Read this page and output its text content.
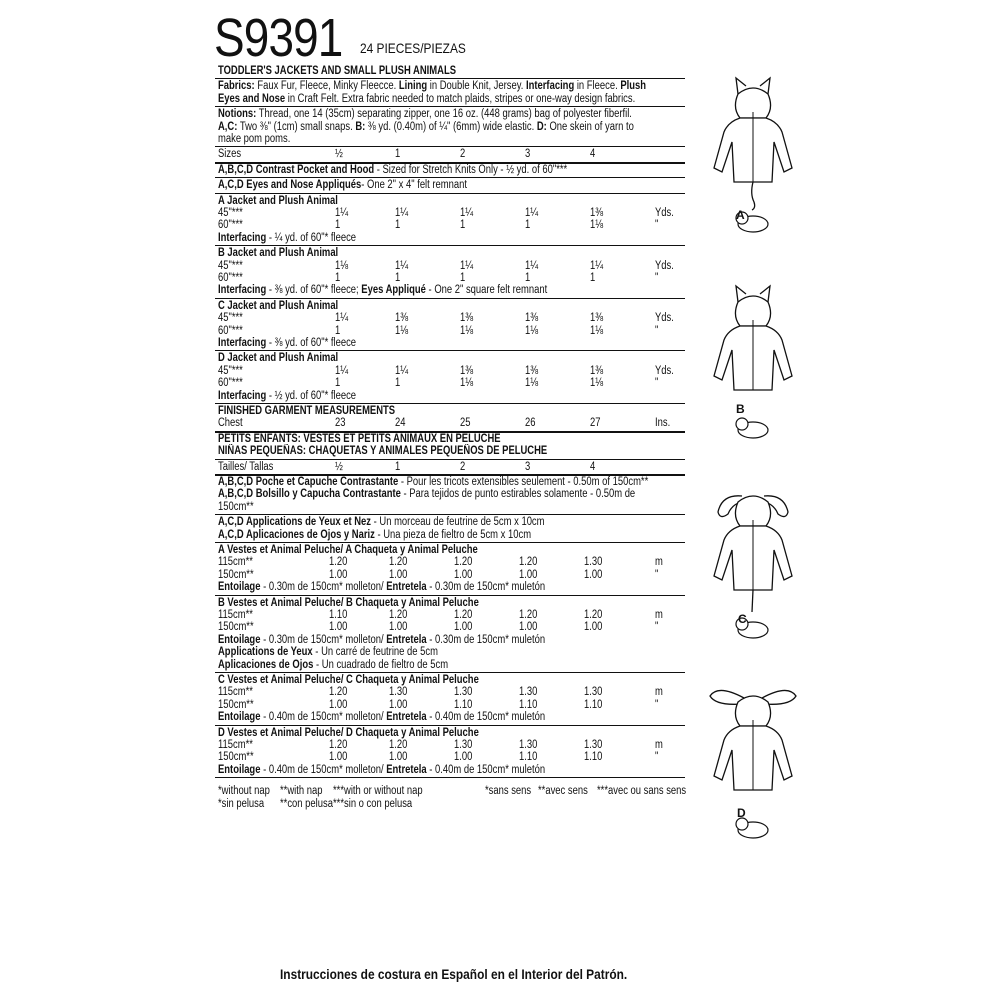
S9391 24 PIECES/PIEZAS
TODDLER'S JACKETS AND SMALL PLUSH ANIMALS
Fabrics: Faux Fur, Fleece, Minky Fleecce. Lining in Double Knit, Jersey. Interfacing in Fleece. Plush
Eyes and Nose in Craft Felt. Extra fabric needed to match plaids, stripes or one-way design fabrics.
Notions: Thread, one 14 (35cm) separating zipper, one 16 oz. (448 grams) bag of polyester fiberfil.
A,C: Two ⅜" (1cm) small snaps. B: ⅜ yd. (0.40m) of ¼" (6mm) wide elastic. D: One skein of yarn to
make pom poms.
Sizes	½	1	2	3	4
A,B,C,D Contrast Pocket and Hood - Sized for Stretch Knits Only - ½ yd. of 60"***
A,C,D Eyes and Nose Appliqués- One 2" x 4" felt remnant
A Jacket and Plush Animal
45"***	1¼	1¼	1¼	1¼	1⅜	Yds.
60"***	1	1	1	1	1⅛	"
Interfacing - ¼ yd. of 60"* fleece
B Jacket and Plush Animal
45"***	1⅛	1¼	1¼	1¼	1¼	Yds.
60"***	1	1	1	1	1	"
Interfacing - ⅜ yd. of 60"* fleece; Eyes Appliqué - One 2" square felt remnant
C Jacket and Plush Animal
45"***	1¼	1⅜	1⅜	1⅜	1⅜	Yds.
60"***	1	1⅛	1⅛	1⅛	1⅛	"
Interfacing - ⅜ yd. of 60"* fleece
D Jacket and Plush Animal
45"***	1¼	1¼	1⅜	1⅜	1⅜	Yds.
60"***	1	1	1⅛	1⅛	1⅛	"
Interfacing - ½ yd. of 60"* fleece
FINISHED GARMENT MEASUREMENTS
Chest	23	24	25	26	27	Ins.
PETITS ENFANTS: VESTES ET PETITS ANIMAUX EN PELUCHE
NIÑAS PEQUEÑAS: CHAQUETAS Y ANIMALES PEQUEÑOS DE PELUCHE
Tailles/ Tallas	½	1	2	3	4
A,B,C,D Poche et Capuche Contrastante - Pour les tricots extensibles seulement - 0.50m of 150cm**
A,B,C,D Bolsillo y Capucha Contrastante - Para tejidos de punto estirables solamente - 0.50m de
150cm**
A,C,D Applications de Yeux et Nez - Un morceau de feutrine de 5cm x 10cm
A,C,D Aplicaciones de Ojos y Nariz - Una pieza de fieltro de 5cm x 10cm
A Vestes et Animal Peluche/ A Chaqueta y Animal Peluche
115cm**	1.20	1.20	1.20	1.20	1.30	m
150cm**	1.00	1.00	1.00	1.00	1.00	"
Entoilage - 0.30m de 150cm* molleton/ Entretela - 0.30m de 150cm* muletón
B Vestes et Animal Peluche/ B Chaqueta y Animal Peluche
115cm**	1.10	1.20	1.20	1.20	1.20	m
150cm**	1.00	1.00	1.00	1.00	1.00	"
Entoilage - 0.30m de 150cm* molleton/ Entretela - 0.30m de 150cm* muletón
Applications de Yeux - Un carré de feutrine de 5cm
Aplicaciones de Ojos - Un cuadrado de fieltro de 5cm
C Vestes et Animal Peluche/ C Chaqueta y Animal Peluche
115cm**	1.20	1.30	1.30	1.30	1.30	m
150cm**	1.00	1.00	1.10	1.10	1.10	"
Entoilage - 0.40m de 150cm* molleton/ Entretela - 0.40m de 150cm* muletón
D Vestes et Animal Peluche/ D Chaqueta y Animal Peluche
115cm**	1.20	1.20	1.30	1.30	1.30	m
150cm**	1.00	1.00	1.00	1.10	1.10	"
Entoilage - 0.40m de 150cm* molleton/ Entretela - 0.40m de 150cm* muletón
*without nap **with nap ***with or without nap	*sans sens **avec sens ***avec ou sans sens
*sin pelusa **con pelusa ***sin o con pelusa
A
B
C
D
Instrucciones de costura en Español en el Interior del Patrón.
